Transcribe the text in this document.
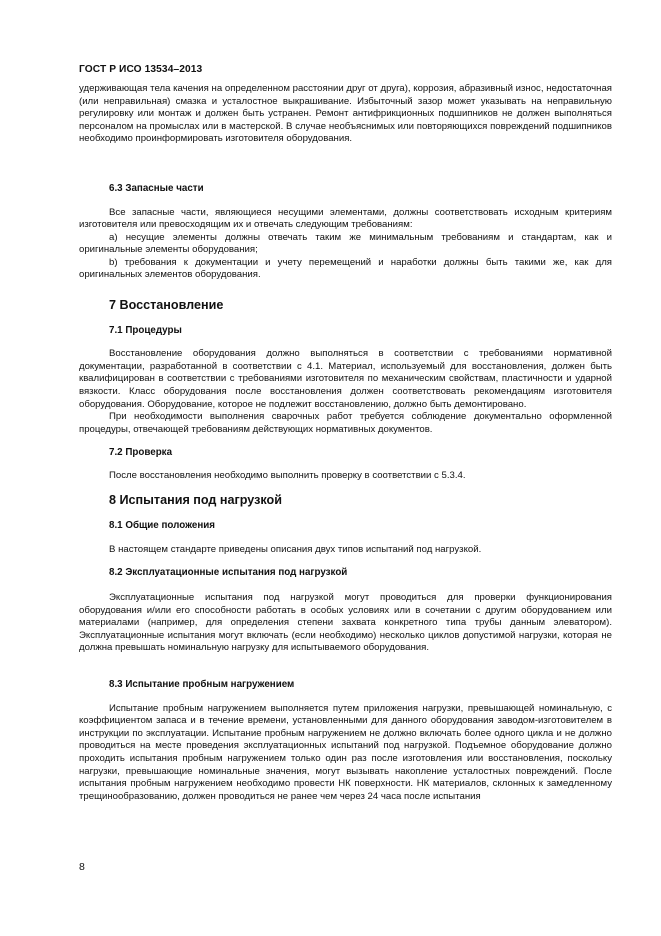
ГОСТ Р ИСО 13534–2013

удерживающая тела качения на определенном расстоянии друг от друга), коррозия, абразивный износ, недостаточная (или неправильная) смазка и усталостное выкрашивание. Избыточный зазор может указывать на неправильную регулировку или монтаж и должен быть устранен. Ремонт антифрикционных подшипников не должен выполняться персоналом на промыслах или в мастерской. В случае необъяснимых или повторяющихся повреждений подшипников необходимо проинформировать изготовителя оборудования.

6.3 Запасные части

Все запасные части, являющиеся несущими элементами, должны соответствовать исходным критериям изготовителя или превосходящим их и отвечать следующим требованиям:

а) несущие элементы должны отвечать таким же минимальным требованиям и стандартам, как и оригинальные элементы оборудования;

b) требования к документации и учету перемещений и наработки должны быть такими же, как для оригинальных элементов оборудования.

7 Восстановление
7.1 Процедуры

Восстановление оборудования должно выполняться в соответствии с требованиями нормативной документации, разработанной в соответствии с 4.1. Материал, используемый для восстановления, должен быть квалифицирован в соответствии с требованиями изготовителя по механическим свойствам, пластичности и ударной вязкости. Класс оборудования после восстановления должен соответствовать рекомендациям изготовителя оборудования. Оборудование, которое не подлежит восстановлению, должно быть демонтировано.

При необходимости выполнения сварочных работ требуется соблюдение документально оформленной процедуры, отвечающей требованиям действующих нормативных документов.

7.2 Проверка

После восстановления необходимо выполнить проверку в соответствии с 5.3.4.

8 Испытания под нагрузкой
8.1 Общие положения

В настоящем стандарте приведены описания двух типов испытаний под нагрузкой.

8.2 Эксплуатационные испытания под нагрузкой

Эксплуатационные испытания под нагрузкой могут проводиться для проверки функционирования оборудования и/или его способности работать в особых условиях или в сочетании с другим оборудованием или материалами (например, для определения степени захвата конкретного типа трубы данным элеватором). Эксплуатационные испытания могут включать (если необходимо) несколько циклов допустимой нагрузки, которая не должна превышать номинальную нагрузку для испытываемого оборудования.

8.3 Испытание пробным нагружением

Испытание пробным нагружением выполняется путем приложения нагрузки, превышающей номинальную, с коэффициентом запаса и в течение времени, установленными для данного оборудования заводом-изготовителем в инструкции по эксплуатации. Испытание пробным нагружением не должно включать более одного цикла и не должно проводиться на месте проведения эксплуатационных испытаний под нагрузкой. Подъемное оборудование должно проходить испытания пробным нагружением только один раз после изготовления или восстановления, поскольку нагрузки, превышающие номинальные значения, могут вызывать накопление усталостных повреждений. После испытания пробным нагружением необходимо провести НК поверхности. НК материалов, склонных к замедленному трещинообразованию, должен проводиться не ранее чем через 24 часа после испытания

8
